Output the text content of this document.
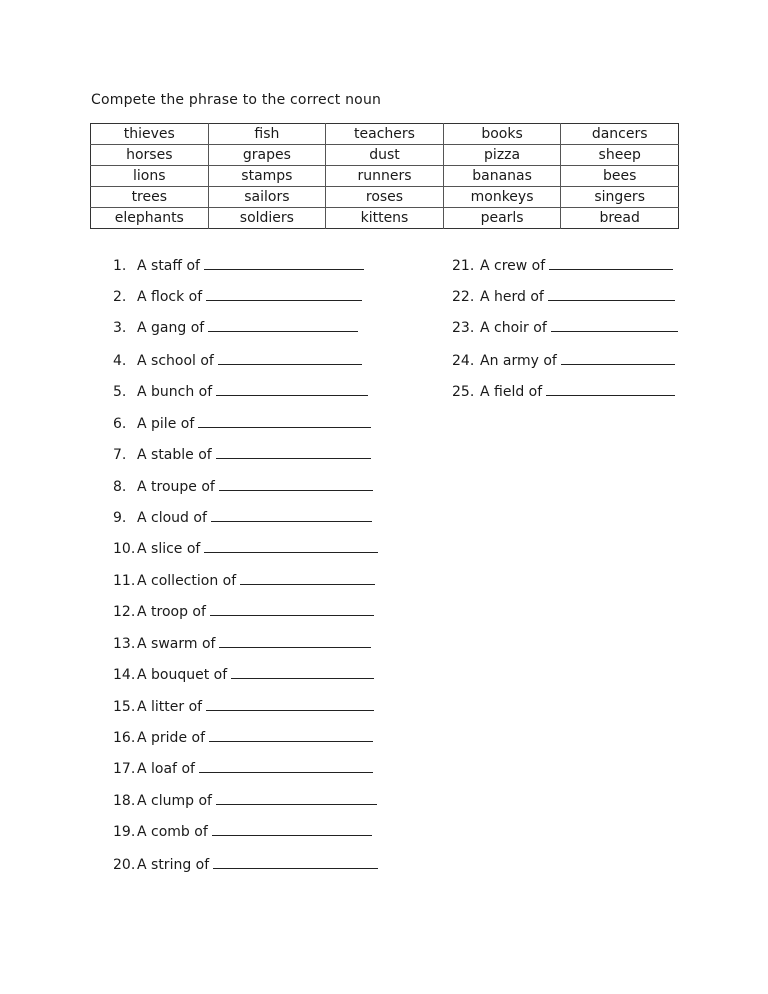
Compete the phrase to the correct noun
thieves	fish	teachers	books	dancers
horses	grapes	dust	pizza	sheep
lions	stamps	runners	bananas	bees
trees	sailors	roses	monkeys	singers
elephants	soldiers	kittens	pearls	bread
1. A staff of
2. A flock of
3. A gang of
4. A school of
5. A bunch of
6. A pile of
7. A stable of
8. A troupe of
9. A cloud of
10. A slice of
11. A collection of
12. A troop of
13. A swarm of
14. A bouquet of
15. A litter of
16. A pride of
17. A loaf of
18. A clump of
19. A comb of
20. A string of
21. A crew of
22. A herd of
23. A choir of
24. An army of
25. A field of
